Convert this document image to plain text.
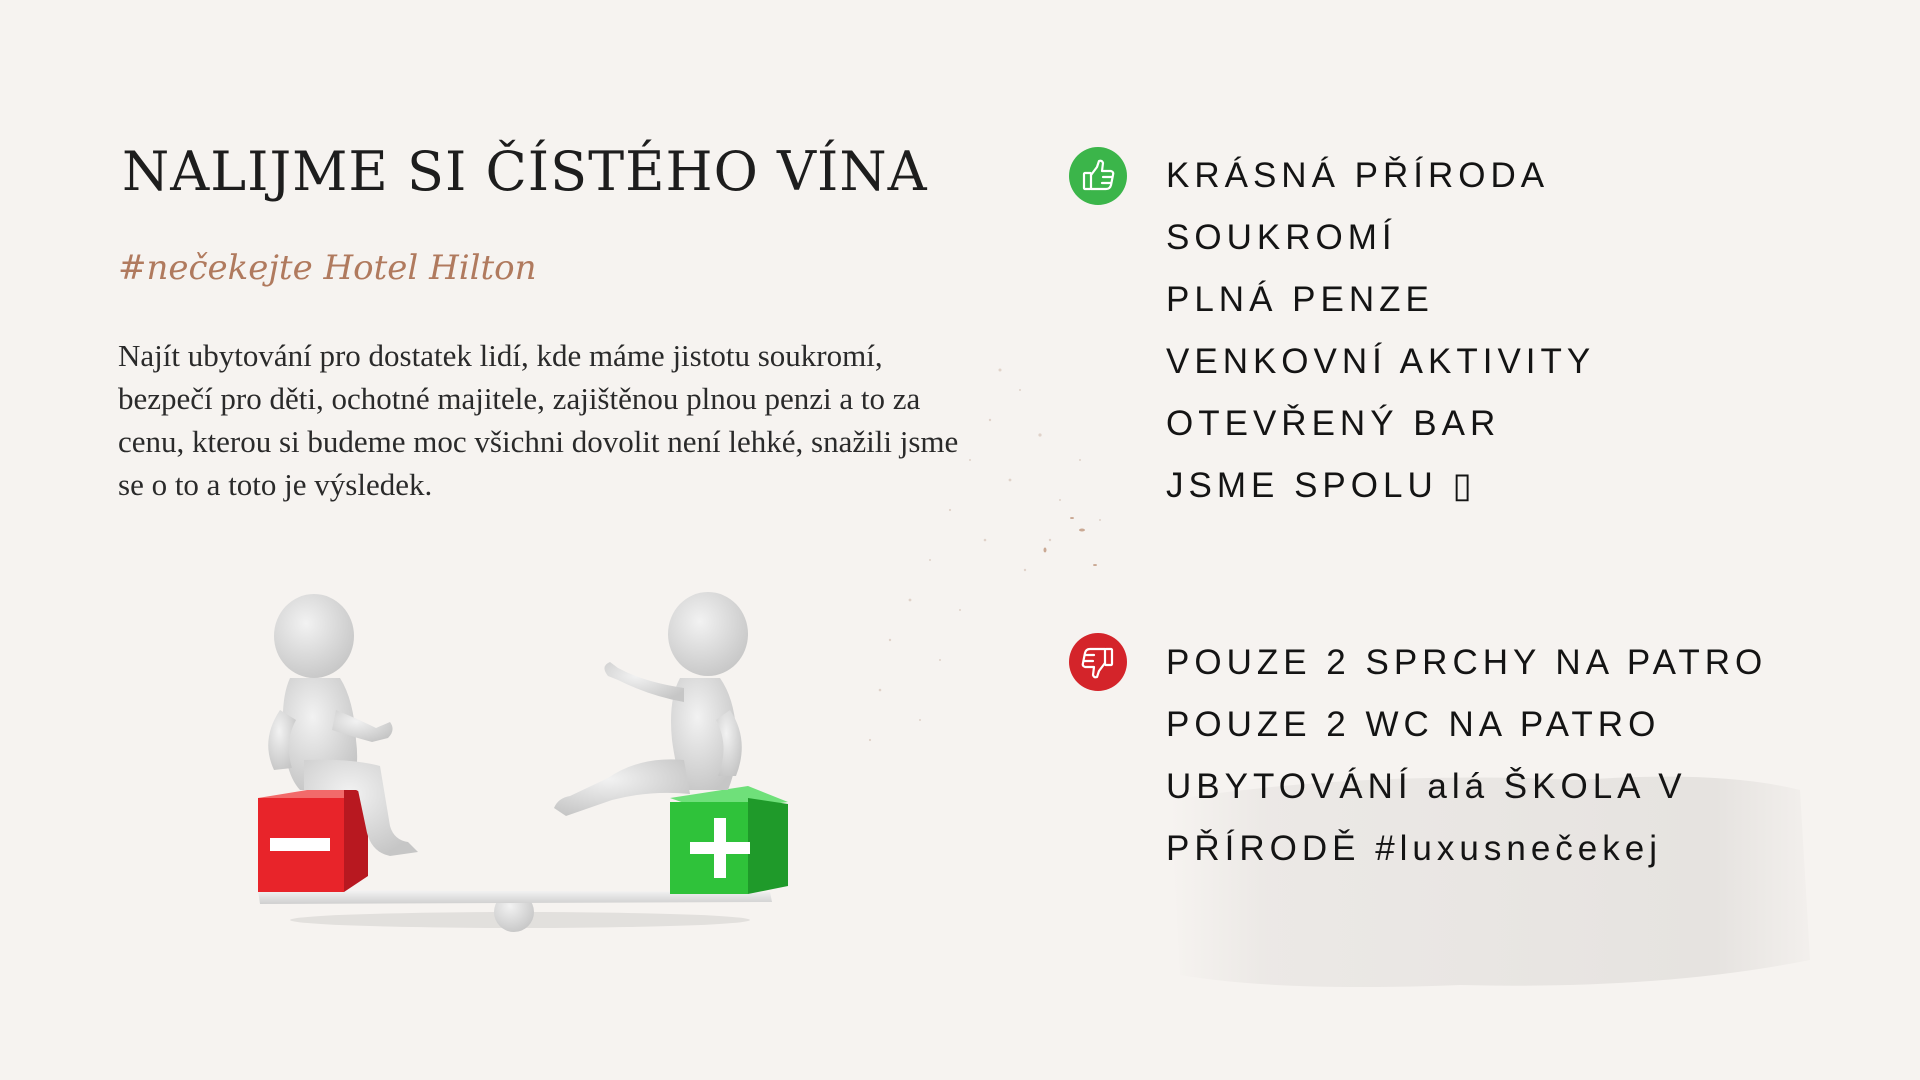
NALIJME SI ČÍSTÉHO VÍNA
#nečekejte Hotel Hilton

Najít ubytování pro dostatek lidí, kde máme jistotu soukromí, bezpečí pro děti, ochotné majitele, zajištěnou plnou penzi a to za cenu, kterou si budeme moc všichni dovolit není lehké, snažili jsme se o to a toto je výsledek.

KRÁSNÁ PŘÍRODA
SOUKROMÍ
PLNÁ PENZE
VENKOVNÍ AKTIVITY
OTEVŘENÝ BAR
JSME SPOLU ▯
POUZE 2 SPRCHY NA PATRO
POUZE 2 WC NA PATRO
UBYTOVÁNÍ alá ŠKOLA V
PŘÍRODĚ #luxusnečekej
